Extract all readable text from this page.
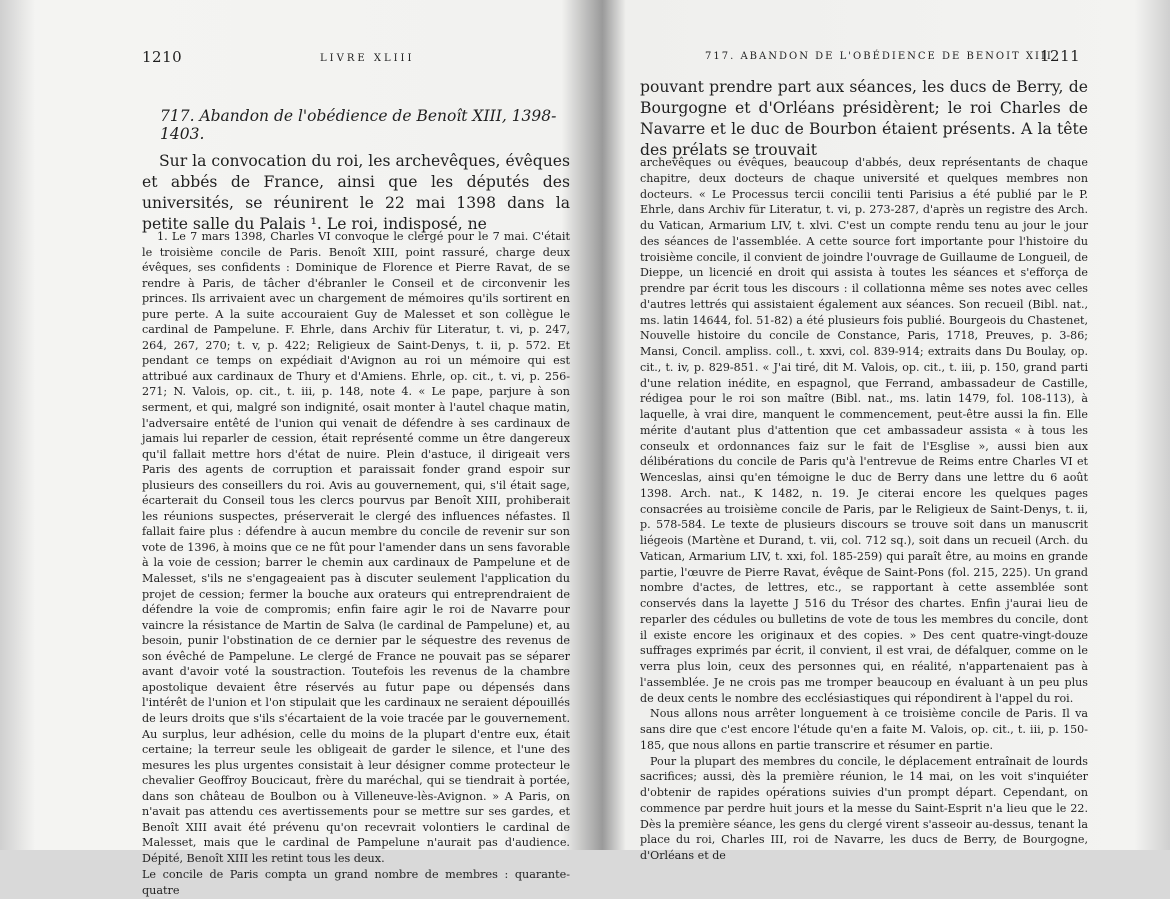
1210	LIVRE XLIII
717. Abandon de l'obédience de Benoît XIII, 1398-1403.

Sur la convocation du roi, les archevêques, évêques et abbés de France, ainsi que les députés des universités, se réunirent le 22 mai 1398 dans la petite salle du Palais ¹. Le roi, indisposé, ne

1. Le 7 mars 1398, Charles VI convoque le clergé pour le 7 mai. C'était le troisième concile de Paris. Benoît XIII, point rassuré, charge deux évêques, ses confidents : Dominique de Florence et Pierre Ravat, de se rendre à Paris, de tâcher d'ébranler le Conseil et de circonvenir les princes. Ils arrivaient avec un chargement de mémoires qu'ils sortirent en pure perte. A la suite accouraient Guy de Malesset et son collègue le cardinal de Pampelune. F. Ehrle, dans Archiv für Literatur, t. vi, p. 247, 264, 267, 270; t. v, p. 422; Religieux de Saint-Denys, t. ii, p. 572. Et pendant ce temps on expédiait d'Avignon au roi un mémoire qui est attribué aux cardinaux de Thury et d'Amiens. Ehrle, op. cit., t. vi, p. 256-271; N. Valois, op. cit., t. iii, p. 148, note 4. « Le pape, parjure à son serment, et qui, malgré son indignité, osait monter à l'autel chaque matin, l'adversaire entêté de l'union qui venait de défendre à ses cardinaux de jamais lui reparler de cession, était représenté comme un être dangereux qu'il fallait mettre hors d'état de nuire. Plein d'astuce, il dirigeait vers Paris des agents de corruption et paraissait fonder grand espoir sur plusieurs des conseillers du roi. Avis au gouvernement, qui, s'il était sage, écarterait du Conseil tous les clercs pourvus par Benoît XIII, prohiberait les réunions suspectes, préserverait le clergé des influences néfastes. Il fallait faire plus : défendre à aucun membre du concile de revenir sur son vote de 1396, à moins que ce ne fût pour l'amender dans un sens favorable à la voie de cession; barrer le chemin aux cardinaux de Pampelune et de Malesset, s'ils ne s'engageaient pas à discuter seulement l'application du projet de cession; fermer la bouche aux orateurs qui entreprendraient de défendre la voie de compromis; enfin faire agir le roi de Navarre pour vaincre la résistance de Martin de Salva (le cardinal de Pampelune) et, au besoin, punir l'obstination de ce dernier par le séquestre des revenus de son évêché de Pampelune. Le clergé de France ne pouvait pas se séparer avant d'avoir voté la soustraction. Toutefois les revenus de la chambre apostolique devaient être réservés au futur pape ou dépensés dans l'intérêt de l'union et l'on stipulait que les cardinaux ne seraient dépouillés de leurs droits que s'ils s'écartaient de la voie tracée par le gouvernement. Au surplus, leur adhésion, celle du moins de la plupart d'entre eux, était certaine; la terreur seule les obligeait de garder le silence, et l'une des mesures les plus urgentes consistait à leur désigner comme protecteur le chevalier Geoffroy Boucicaut, frère du maréchal, qui se tiendrait à portée, dans son château de Boulbon ou à Villeneuve-lès-Avignon. » A Paris, on n'avait pas attendu ces avertissements pour se mettre sur ses gardes, et Benoît XIII avait été prévenu qu'on recevrait volontiers le cardinal de Malesset, mais que le cardinal de Pampelune n'aurait pas d'audience. Dépité, Benoît XIII les retint tous les deux.

Le concile de Paris compta un grand nombre de membres : quarante-quatre

717. ABANDON DE L'OBÉDIENCE DE BENOIT XIII
1211

pouvant prendre part aux séances, les ducs de Berry, de Bourgogne et d'Orléans présidèrent; le roi Charles de Navarre et le duc de Bourbon étaient présents. A la tête des prélats se trouvait

archevêques ou évêques, beaucoup d'abbés, deux représentants de chaque chapitre, deux docteurs de chaque université et quelques membres non docteurs. « Le Processus tercii concilii tenti Parisius a été publié par le P. Ehrle, dans Archiv für Literatur, t. vi, p. 273-287, d'après un registre des Arch. du Vatican, Armarium LIV, t. xlvi. C'est un compte rendu tenu au jour le jour des séances de l'assemblée. A cette source fort importante pour l'histoire du troisième concile, il convient de joindre l'ouvrage de Guillaume de Longueil, de Dieppe, un licencié en droit qui assista à toutes les séances et s'efforça de prendre par écrit tous les discours : il collationna même ses notes avec celles d'autres lettrés qui assistaient également aux séances. Son recueil (Bibl. nat., ms. latin 14644, fol. 51-82) a été plusieurs fois publié. Bourgeois du Chastenet, Nouvelle histoire du concile de Constance, Paris, 1718, Preuves, p. 3-86; Mansi, Concil. ampliss. coll., t. xxvi, col. 839-914; extraits dans Du Boulay, op. cit., t. iv, p. 829-851. « J'ai tiré, dit M. Valois, op. cit., t. iii, p. 150, grand parti d'une relation inédite, en espagnol, que Ferrand, ambassadeur de Castille, rédigea pour le roi son maître (Bibl. nat., ms. latin 1479, fol. 108-113), à laquelle, à vrai dire, manquent le commencement, peut-être aussi la fin. Elle mérite d'autant plus d'attention que cet ambassadeur assista « à tous les conseulx et ordonnances faiz sur le fait de l'Esglise », aussi bien aux délibérations du concile de Paris qu'à l'entrevue de Reims entre Charles VI et Wenceslas, ainsi qu'en témoigne le duc de Berry dans une lettre du 6 août 1398. Arch. nat., K 1482, n. 19. Je citerai encore les quelques pages consacrées au troisième concile de Paris, par le Religieux de Saint-Denys, t. ii, p. 578-584. Le texte de plusieurs discours se trouve soit dans un manuscrit liégeois (Martène et Durand, t. vii, col. 712 sq.), soit dans un recueil (Arch. du Vatican, Armarium LIV, t. xxi, fol. 185-259) qui paraît être, au moins en grande partie, l'œuvre de Pierre Ravat, évêque de Saint-Pons (fol. 215, 225). Un grand nombre d'actes, de lettres, etc., se rapportant à cette assemblée sont conservés dans la layette J 516 du Trésor des chartes. Enfin j'aurai lieu de reparler des cédules ou bulletins de vote de tous les membres du concile, dont il existe encore les originaux et des copies. » Des cent quatre-vingt-douze suffrages exprimés par écrit, il convient, il est vrai, de défalquer, comme on le verra plus loin, ceux des personnes qui, en réalité, n'appartenaient pas à l'assemblée. Je ne crois pas me tromper beaucoup en évaluant à un peu plus de deux cents le nombre des ecclésiastiques qui répondirent à l'appel du roi.

Nous allons nous arrêter longuement à ce troisième concile de Paris. Il va sans dire que c'est encore l'étude qu'en a faite M. Valois, op. cit., t. iii, p. 150-185, que nous allons en partie transcrire et résumer en partie.

Pour la plupart des membres du concile, le déplacement entraînait de lourds sacrifices; aussi, dès la première réunion, le 14 mai, on les voit s'inquiéter d'obtenir de rapides opérations suivies d'un prompt départ. Cependant, on commence par perdre huit jours et la messe du Saint-Esprit n'a lieu que le 22. Dès la première séance, les gens du clergé virent s'asseoir au-dessus, tenant la place du roi, Charles III, roi de Navarre, les ducs de Berry, de Bourgogne, d'Orléans et de
